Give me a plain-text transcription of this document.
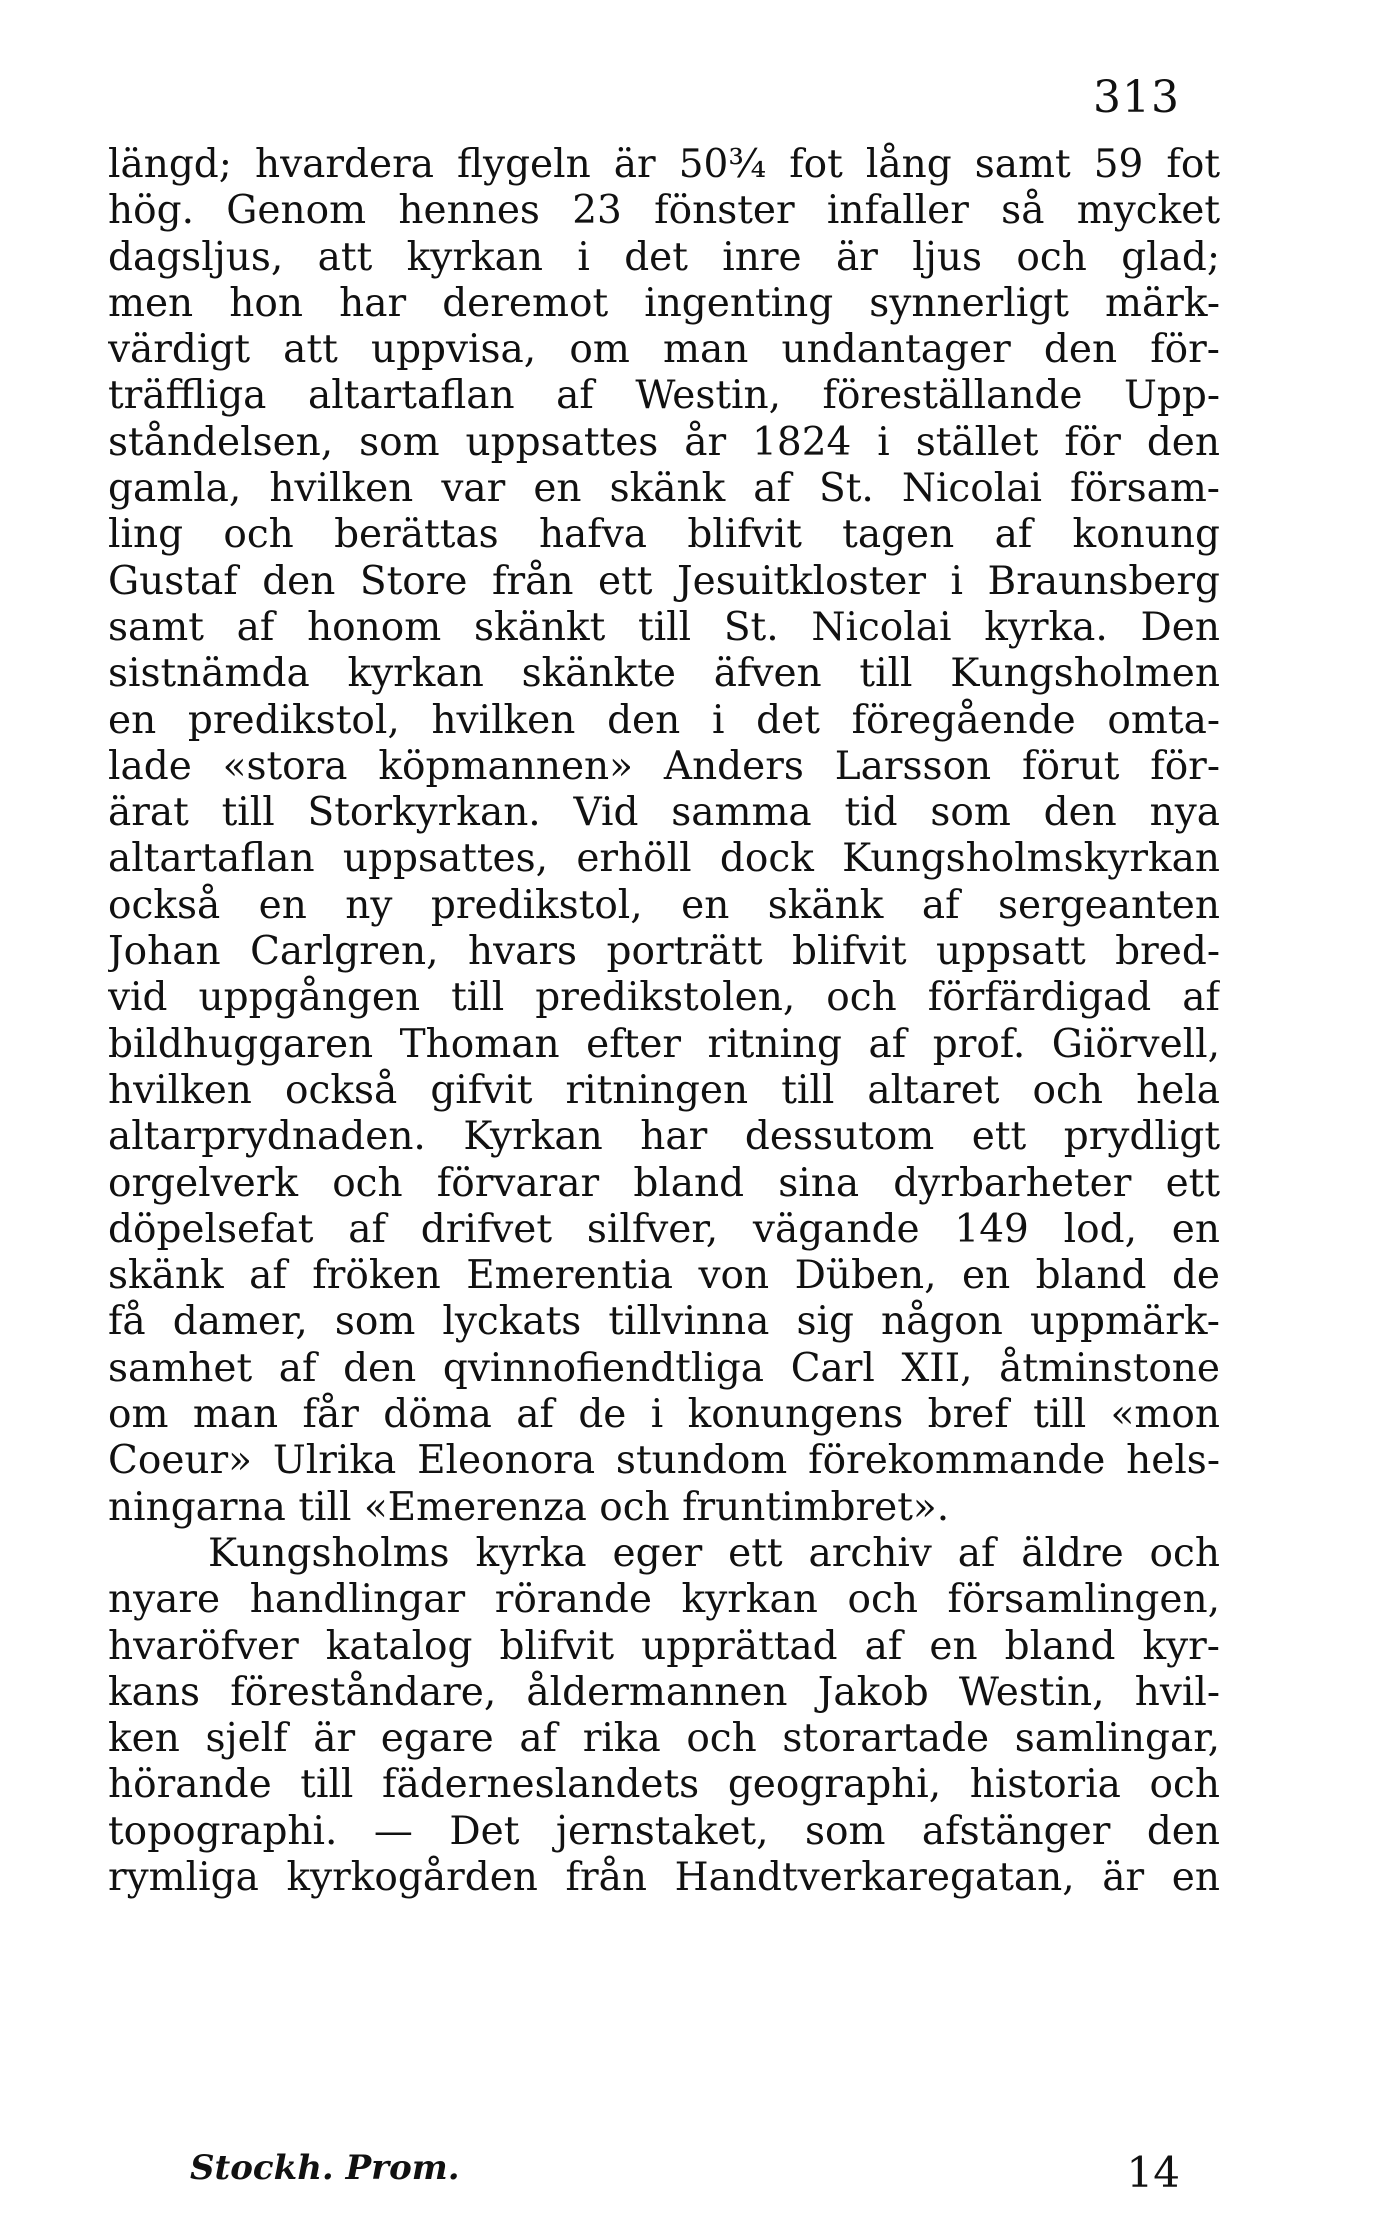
313
längd; hvardera flygeln är 50¾ fot lång samt 59 fot
hög. Genom hennes 23 fönster infaller så mycket
dagsljus, att kyrkan i det inre är ljus och glad;
men hon har deremot ingenting synnerligt märk-
värdigt att uppvisa, om man undantager den för-
träffliga altartaflan af Westin, föreställande Upp-
ståndelsen, som uppsattes år 1824 i stället för den
gamla, hvilken var en skänk af St. Nicolai försam-
ling och berättas hafva blifvit tagen af konung
Gustaf den Store från ett Jesuitkloster i Braunsberg
samt af honom skänkt till St. Nicolai kyrka. Den
sistnämda kyrkan skänkte äfven till Kungsholmen
en predikstol, hvilken den i det föregående omta-
lade «stora köpmannen» Anders Larsson förut för-
ärat till Storkyrkan. Vid samma tid som den nya
altartaflan uppsattes, erhöll dock Kungsholmskyrkan
också en ny predikstol, en skänk af sergeanten
Johan Carlgren, hvars porträtt blifvit uppsatt bred-
vid uppgången till predikstolen, och förfärdigad af
bildhuggaren Thoman efter ritning af prof. Giörvell,
hvilken också gifvit ritningen till altaret och hela
altarprydnaden. Kyrkan har dessutom ett prydligt
orgelverk och förvarar bland sina dyrbarheter ett
döpelsefat af drifvet silfver, vägande 149 lod, en
skänk af fröken Emerentia von Düben, en bland de
få damer, som lyckats tillvinna sig någon uppmärk-
samhet af den qvinnofiendtliga Carl XII, åtminstone
om man får döma af de i konungens bref till «mon
Coeur» Ulrika Eleonora stundom förekommande hels-
ningarna till «Emerenza och fruntimbret».
Kungsholms kyrka eger ett archiv af äldre och
nyare handlingar rörande kyrkan och församlingen,
hvaröfver katalog blifvit upprättad af en bland kyr-
kans föreståndare, åldermannen Jakob Westin, hvil-
ken sjelf är egare af rika och storartade samlingar,
hörande till fäderneslandets geographi, historia och
topographi. — Det jernstaket, som afstänger den
rymliga kyrkogården från Handtverkaregatan, är en
Stockh. Prom.	14
